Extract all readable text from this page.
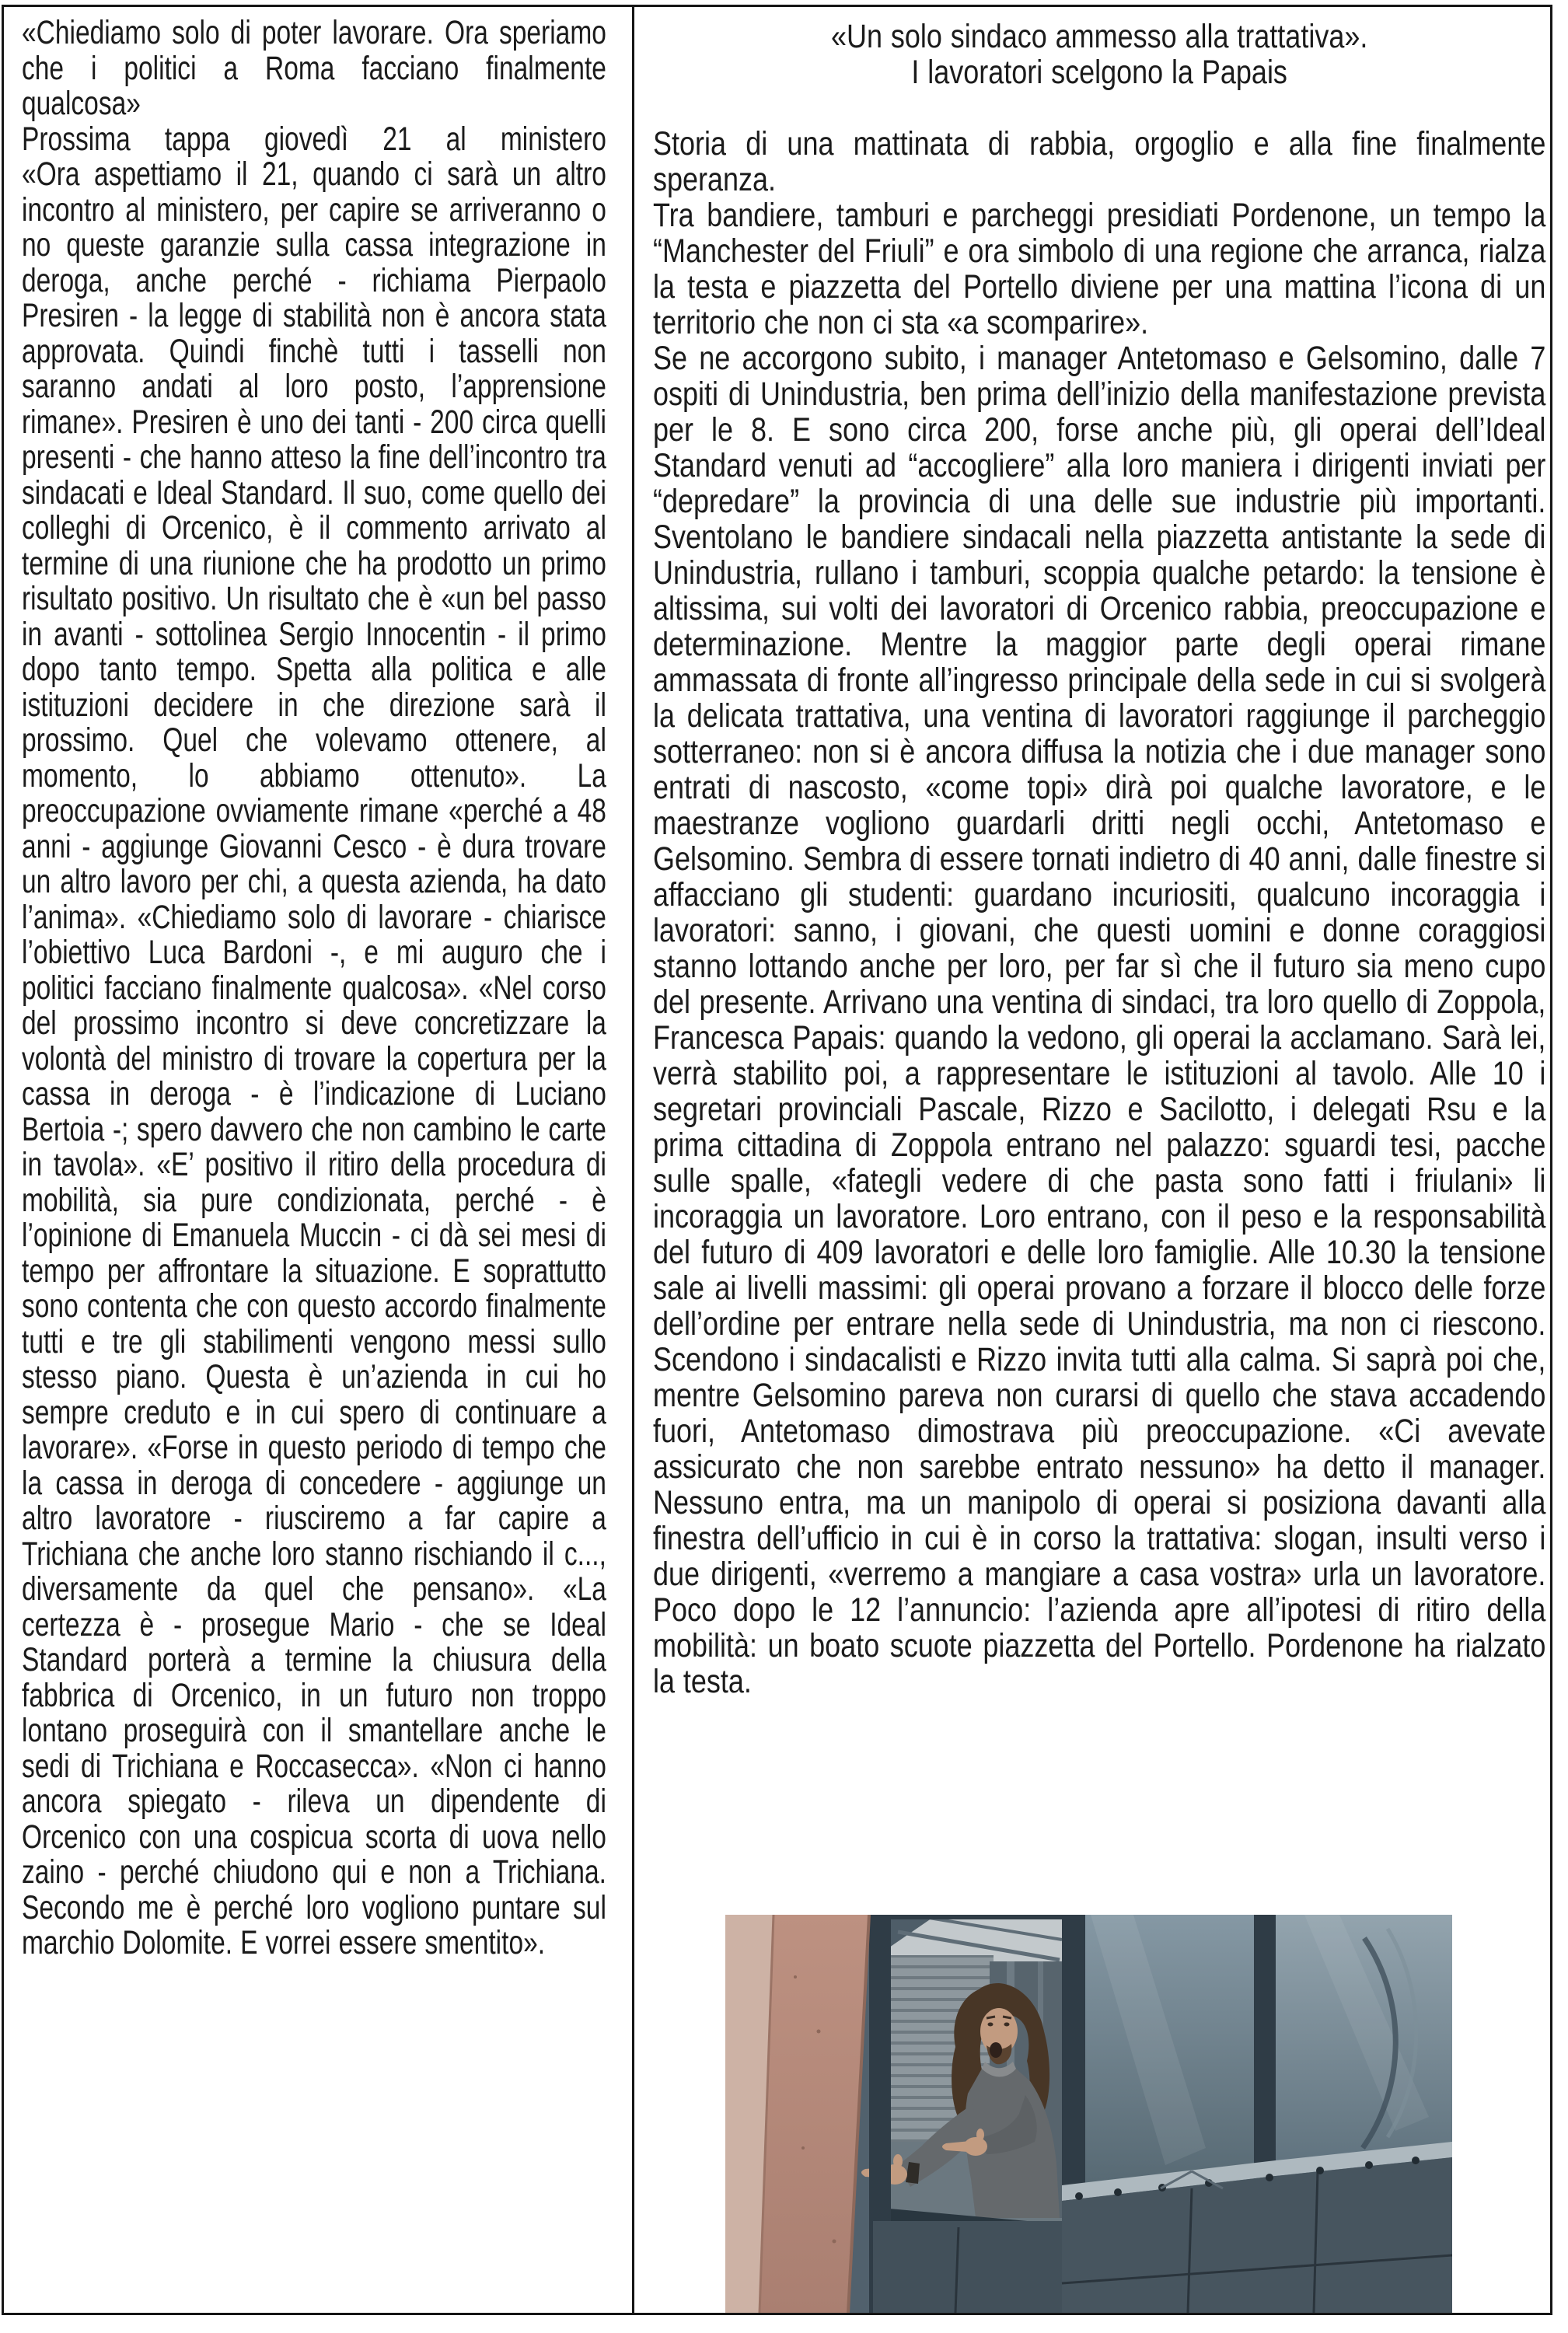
«Chiediamo solo di poter lavorare. Ora speriamo che i politici a Roma facciano finalmente qualcosa»

Prossima tappa giovedì 21 al ministero

«Ora aspettiamo il 21, quando ci sarà un altro incontro al ministero, per capire se arriveranno o no queste garanzie sulla cassa integrazione in deroga, anche perché - richiama Pierpaolo Presiren - la legge di stabilità non è ancora stata approvata. Quindi finchè tutti i tasselli non saranno andati al loro posto, l’apprensione rimane». Presiren è uno dei tanti - 200 circa quelli presenti - che hanno atteso la fine dell’incontro tra sindacati e Ideal Standard. Il suo, come quello dei colleghi di Orcenico, è il commento arrivato al termine di una riunione che ha prodotto un primo risultato positivo. Un risultato che è «un bel passo in avanti - sottolinea Sergio Innocentin - il primo dopo tanto tempo. Spetta alla politica e alle istituzioni decidere in che direzione sarà il prossimo. Quel che volevamo ottenere, al momento, lo abbiamo ottenuto». La preoccupazione ovviamente rimane «perché a 48 anni - aggiunge Giovanni Cesco - è dura trovare un altro lavoro per chi, a questa azienda, ha dato l’anima». «Chiediamo solo di lavorare - chiarisce l’obiettivo Luca Bardoni -, e mi auguro che i politici facciano finalmente qualcosa». «Nel corso del prossimo incontro si deve concretizzare la volontà del ministro di trovare la copertura per la cassa in deroga - è l’indicazione di Luciano Bertoia -; spero davvero che non cambino le carte in tavola». «E’ positivo il ritiro della procedura di mobilità, sia pure condizionata, perché - è l’opinione di Emanuela Muccin - ci dà sei mesi di tempo per affrontare la situazione. E soprattutto sono contenta che con questo accordo finalmente tutti e tre gli stabilimenti vengono messi sullo stesso piano. Questa è un’azienda in cui ho sempre creduto e in cui spero di continuare a lavorare». «Forse in questo periodo di tempo che la cassa in deroga di concedere - aggiunge un altro lavoratore - riusciremo a far capire a Trichiana che anche loro stanno rischiando il c..., diversamente da quel che pensano». «La certezza è - prosegue Mario - che se Ideal Standard porterà a termine la chiusura della fabbrica di Orcenico, in un futuro non troppo lontano proseguirà con il smantellare anche le sedi di Trichiana e Roccasecca». «Non ci hanno ancora spiegato - rileva un dipendente di Orcenico con una cospicua scorta di uova nello zaino - perché chiudono qui e non a Trichiana. Secondo me è perché loro vogliono puntare sul marchio Dolomite. E vorrei essere smentito».

«Un solo sindaco ammesso alla trattativa».
I lavoratori scelgono la Papais

Storia di una mattinata di rabbia, orgoglio e alla fine finalmente speranza.

Tra bandiere, tamburi e parcheggi presidiati Pordenone, un tempo la “Manchester del Friuli” e ora simbolo di una regione che arranca, rialza la testa e piazzetta del Portello diviene per una mattina l’icona di un territorio che non ci sta «a scomparire».

Se ne accorgono subito, i manager Antetomaso e Gelsomino, dalle 7 ospiti di Unindustria, ben prima dell’inizio della manifestazione prevista per le 8. E sono circa 200, forse anche più, gli operai dell’Ideal Standard venuti ad “accogliere” alla loro maniera i dirigenti inviati per “depredare” la provincia di una delle sue industrie più importanti. Sventolano le bandiere sindacali nella piazzetta antistante la sede di Unindustria, rullano i tamburi, scoppia qualche petardo: la tensione è altissima, sui volti dei lavoratori di Orcenico rabbia, preoccupazione e determinazione. Mentre la maggior parte degli operai rimane ammassata di fronte all’ingresso principale della sede in cui si svolgerà la delicata trattativa, una ventina di lavoratori raggiunge il parcheggio sotterraneo: non si è ancora diffusa la notizia che i due manager sono entrati di nascosto, «come topi» dirà poi qualche lavoratore, e le maestranze vogliono guardarli dritti negli occhi, Antetomaso e Gelsomino. Sembra di essere tornati indietro di 40 anni, dalle finestre si affacciano gli studenti: guardano incuriositi, qualcuno incoraggia i lavoratori: sanno, i giovani, che questi uomini e donne coraggiosi stanno lottando anche per loro, per far sì che il futuro sia meno cupo del presente. Arrivano una ventina di sindaci, tra loro quello di Zoppola, Francesca Papais: quando la vedono, gli operai la acclamano. Sarà lei, verrà stabilito poi, a rappresentare le istituzioni al tavolo. Alle 10 i segretari provinciali Pascale, Rizzo e Sacilotto, i delegati Rsu e la prima cittadina di Zoppola entrano nel palazzo: sguardi tesi, pacche sulle spalle, «fategli vedere di che pasta sono fatti i friulani» li incoraggia un lavoratore. Loro entrano, con il peso e la responsabilità del futuro di 409 lavoratori e delle loro famiglie. Alle 10.30 la tensione sale ai livelli massimi: gli operai provano a forzare il blocco delle forze dell’ordine per entrare nella sede di Unindustria, ma non ci riescono. Scendono i sindacalisti e Rizzo invita tutti alla calma. Si saprà poi che, mentre Gelsomino pareva non curarsi di quello che stava accadendo fuori, Antetomaso dimostrava più preoccupazione. «Ci avevate assicurato che non sarebbe entrato nessuno» ha detto il manager. Nessuno entra, ma un manipolo di operai si posiziona davanti alla finestra dell’ufficio in cui è in corso la trattativa: slogan, insulti verso i due dirigenti, «verremo a mangiare a casa vostra» urla un lavoratore. Poco dopo le 12 l’annuncio: l’azienda apre all’ipotesi di ritiro della mobilità: un boato scuote piazzetta del Portello. Pordenone ha rialzato la testa.
